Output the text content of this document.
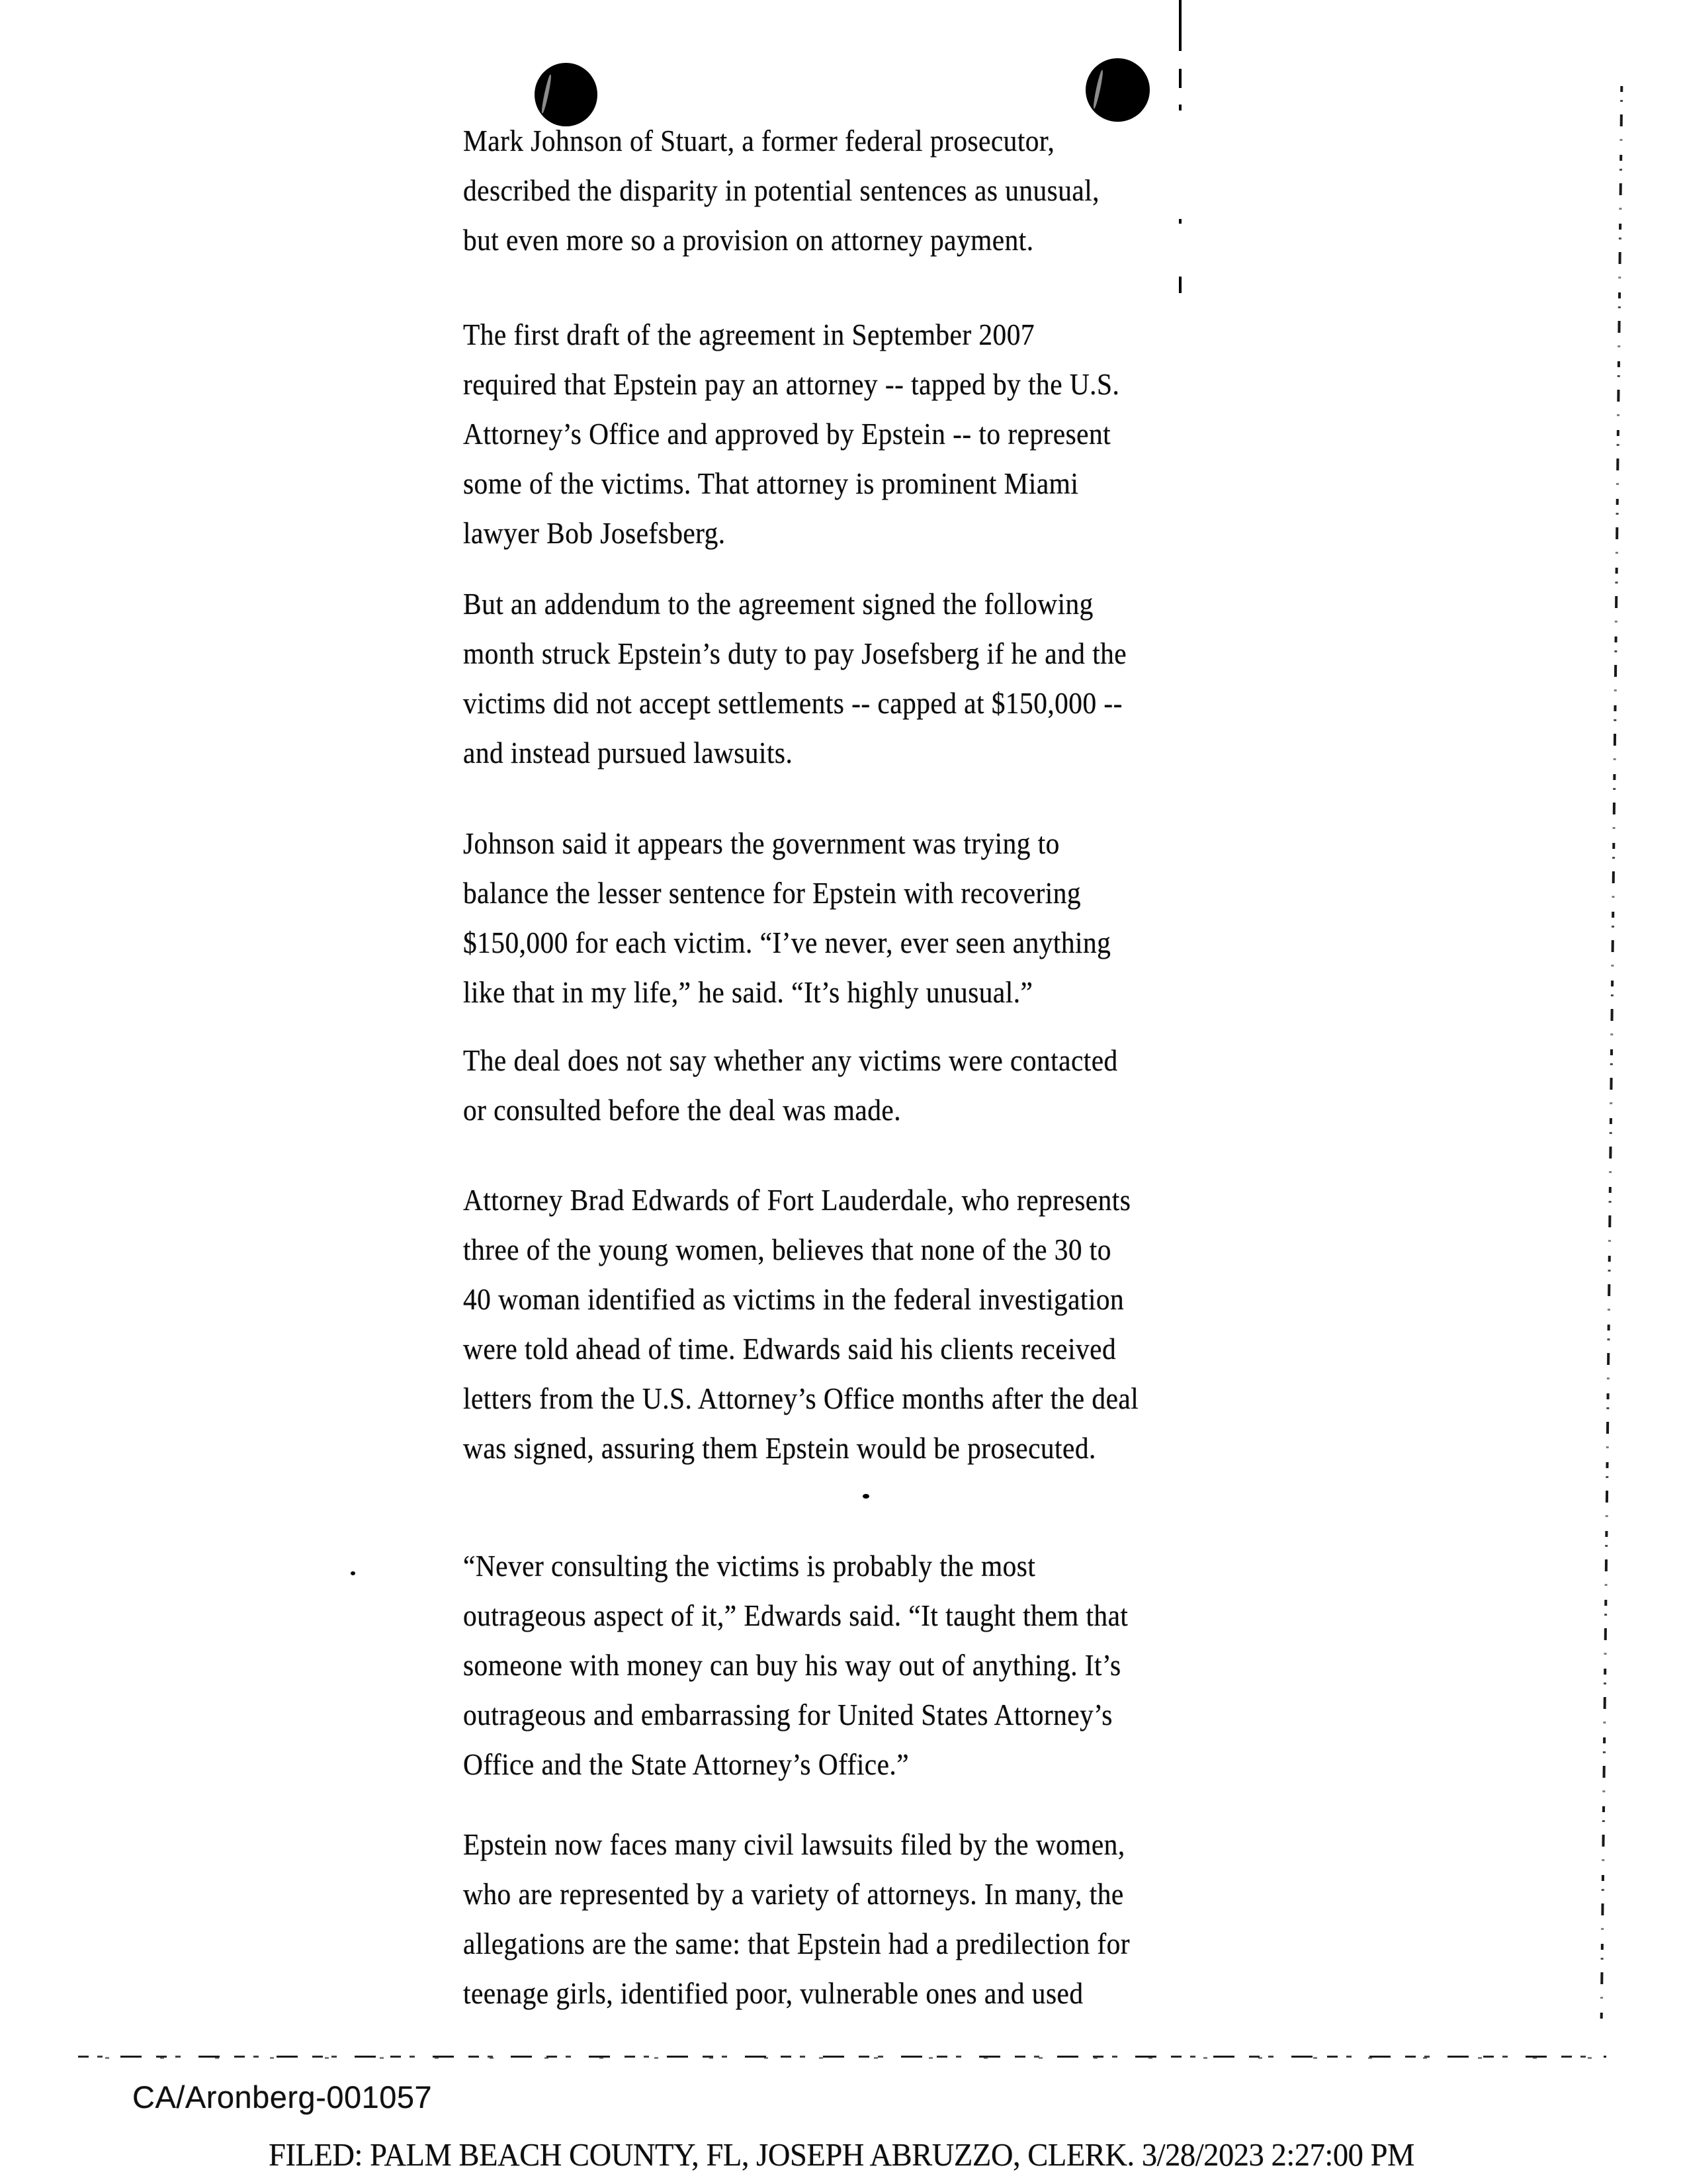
Mark Johnson of Stuart, a former federal prosecutor,
described the disparity in potential sentences as unusual,
but even more so a provision on attorney payment.
The first draft of the agreement in September 2007
required that Epstein pay an attorney -- tapped by the U.S.
Attorney’s Office and approved by Epstein -- to represent
some of the victims. That attorney is prominent Miami
lawyer Bob Josefsberg.
But an addendum to the agreement signed the following
month struck Epstein’s duty to pay Josefsberg if he and the
victims did not accept settlements -- capped at $150,000 --
and instead pursued lawsuits.
Johnson said it appears the government was trying to
balance the lesser sentence for Epstein with recovering
$150,000 for each victim. “I’ve never, ever seen anything
like that in my life,” he said. “It’s highly unusual.”
The deal does not say whether any victims were contacted
or consulted before the deal was made.
Attorney Brad Edwards of Fort Lauderdale, who represents
three of the young women, believes that none of the 30 to
40 woman identified as victims in the federal investigation
were told ahead of time. Edwards said his clients received
letters from the U.S. Attorney’s Office months after the deal
was signed, assuring them Epstein would be prosecuted.
“Never consulting the victims is probably the most
outrageous aspect of it,” Edwards said. “It taught them that
someone with money can buy his way out of anything. It’s
outrageous and embarrassing for United States Attorney’s
Office and the State Attorney’s Office.”
Epstein now faces many civil lawsuits filed by the women,
who are represented by a variety of attorneys. In many, the
allegations are the same: that Epstein had a predilection for
teenage girls, identified poor, vulnerable ones and used
CA/Aronberg-001057
FILED: PALM BEACH COUNTY, FL, JOSEPH ABRUZZO, CLERK. 3/28/2023 2:27:00 PM
